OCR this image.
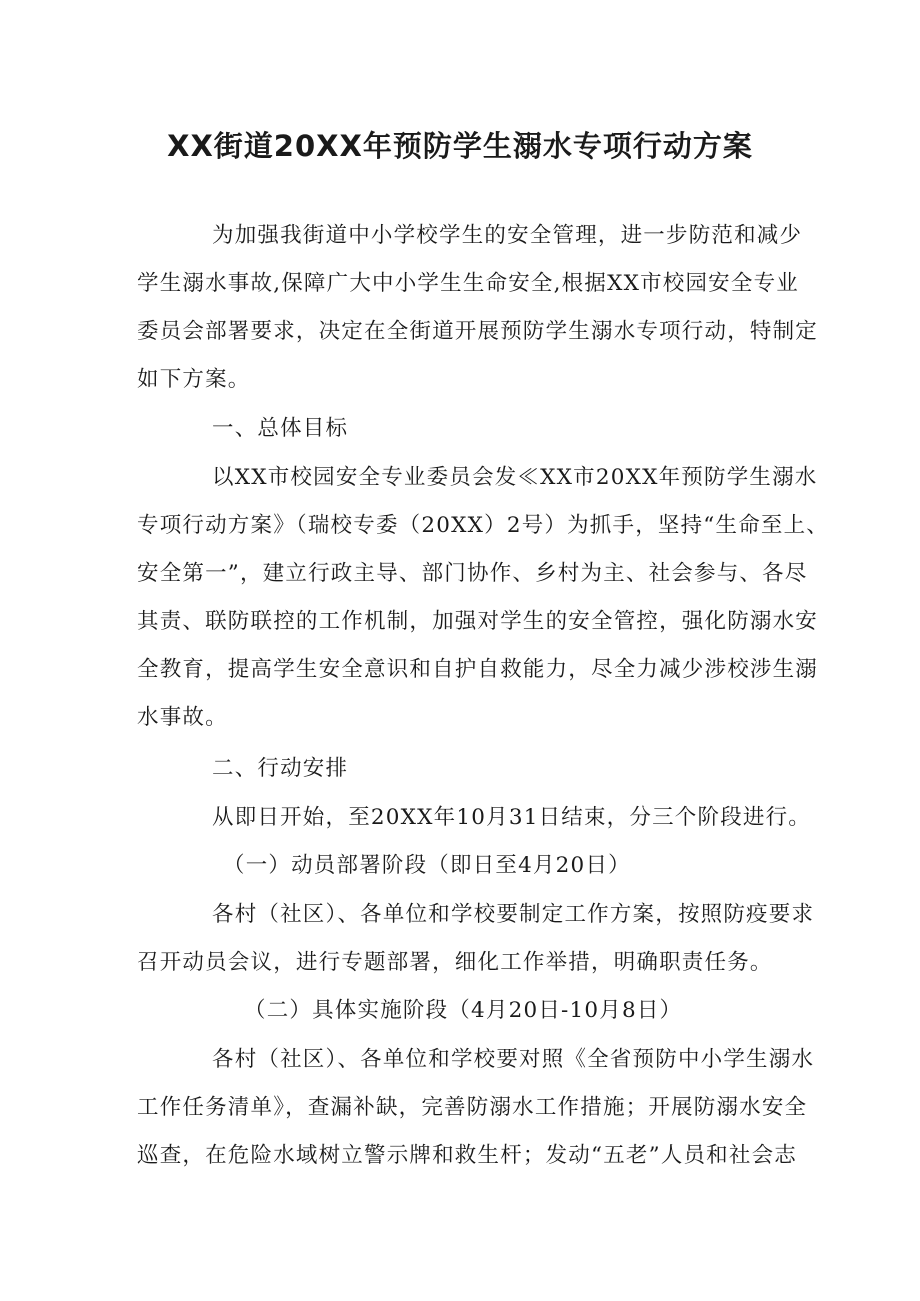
XX街道20XX年预防学生溺水专项行动方案
为加强我街道中小学校学生的安全管理，进一步防范和减少
学生溺水事故,保障广大中小学生生命安全,根据XX市校园安全专业
委员会部署要求，决定在全街道开展预防学生溺水专项行动，特制定
如下方案。
一、总体目标
以XX市校园安全专业委员会发≪XX市20XX年预防学生溺水
专项行动方案》（瑞校专委（20XX）2号）为抓手，坚持“生命至上、
安全第一”，建立行政主导、部门协作、乡村为主、社会参与、各尽
其责、联防联控的工作机制，加强对学生的安全管控，强化防溺水安
全教育，提高学生安全意识和自护自救能力，尽全力减少涉校涉生溺
水事故。
二、行动安排
从即日开始，至20XX年10月31日结束，分三个阶段进行。
（一）动员部署阶段（即日至4月20日）
各村（社区）、各单位和学校要制定工作方案，按照防疫要求
召开动员会议，进行专题部署，细化工作举措，明确职责任务。
（二）具体实施阶段（4月20日-10月8日）
各村（社区）、各单位和学校要对照《全省预防中小学生溺水
工作任务清单》，查漏补缺，完善防溺水工作措施；开展防溺水安全
巡查，在危险水域树立警示牌和救生杆；发动“五老”人员和社会志
